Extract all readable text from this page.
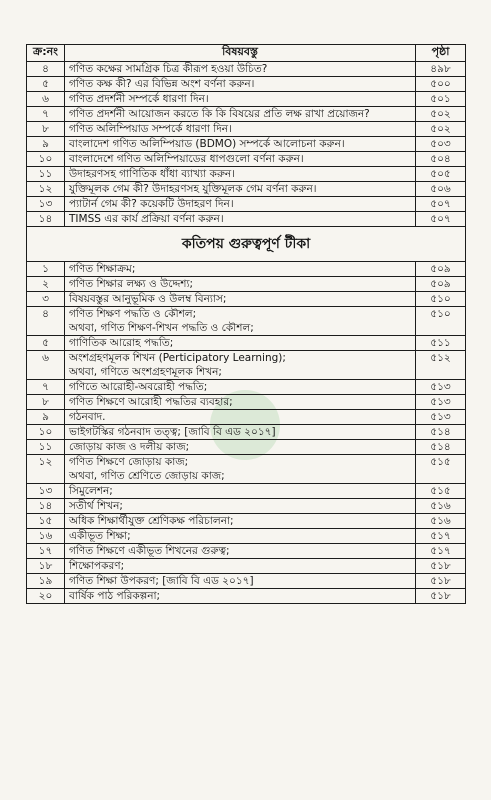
ক্র:নং	বিষয়বস্তু	পৃষ্ঠা
৪	গণিত কক্ষের সামগ্রিক চিত্র কীরূপ হওয়া উচিত?	৪৯৮
৫	গণিত কক্ষ কী? এর বিভিন্ন অংশ বর্ণনা করুন।	৫০০
৬	গণিত প্রদর্শনী সম্পর্কে ধারণা দিন।	৫০১
৭	গণিত প্রদর্শনী আয়োজন করতে কি কি বিষয়ের প্রতি লক্ষ রাখা প্রয়োজন?	৫০২
৮	গণিত অলিম্পিয়াড সম্পর্কে ধারণা দিন।	৫০২
৯	বাংলাদেশ গণিত অলিম্পিয়াড (BDMO) সম্পর্কে আলোচনা করুন।	৫০৩
১০	বাংলাদেশে গণিত অলিম্পিয়াডের ধাপগুলো বর্ণনা করুন।	৫০৪
১১	উদাহরণসহ গাণিতিক ধাঁধা ব্যাখ্যা করুন।	৫০৫
১২	যুক্তিমূলক গেম কী? উদাহরণসহ যুক্তিমূলক গেম বর্ণনা করুন।	৫০৬
১৩	প্যাটার্ন গেম কী? কয়েকটি উদাহরণ দিন।	৫০৭
১৪	TIMSS এর কার্য প্রক্রিয়া বর্ণনা করুন।	৫০৭
কতিপয় গুরুত্বপূর্ণ টীকা
১	গণিত শিক্ষাক্রম;	৫০৯
২	গণিত শিক্ষার লক্ষ্য ও উদ্দেশ্য;	৫০৯
৩	বিষয়বস্তুর আনুভূমিক ও উলম্ব বিন্যাস;	৫১০
৪	গণিত শিক্ষণ পদ্ধতি ও কৌশল;
অথবা, গণিত শিক্ষণ-শিখন পদ্ধতি ও কৌশল;	৫১০
৫	গাণিতিক আরোহ পদ্ধতি;	৫১১
৬	অংশগ্রহণমূলক শিখন (Perticipatory Learning);
অথবা, গণিতে অংশগ্রহণমূলক শিখন;	৫১২
৭	গণিতে আরোহী-অবরোহী পদ্ধতি;	৫১৩
৮	গণিত শিক্ষণে আরোহী পদ্ধতির ব্যবহার;	৫১৩
৯	গঠনবাদ.	৫১৩
১০	ভাইগটস্কির গঠনবাদ তত্ত্ব; [জাবি বি এড ২০১৭]	৫১৪
১১	জোড়ায় কাজ ও দলীয় কাজ;	৫১৪
১২	গণিত শিক্ষণে জোড়ায় কাজ;
অথবা, গণিত শ্রেণিতে জোড়ায় কাজ;	৫১৫
১৩	সিমুলেশন;	৫১৫
১৪	সতীর্থ শিখন;	৫১৬
১৫	অধিক শিক্ষার্থীযুক্ত শ্রেণিকক্ষ পরিচালনা;	৫১৬
১৬	একীভূত শিক্ষা;	৫১৭
১৭	গণিত শিক্ষণে একীভূত শিখনের গুরুত্ব;	৫১৭
১৮	শিক্ষোপকরণ;	৫১৮
১৯	গণিত শিক্ষা উপকরণ; [জাবি বি এড ২০১৭]	৫১৮
২০	বার্ষিক পাঠ পরিকল্পনা;	৫১৮
